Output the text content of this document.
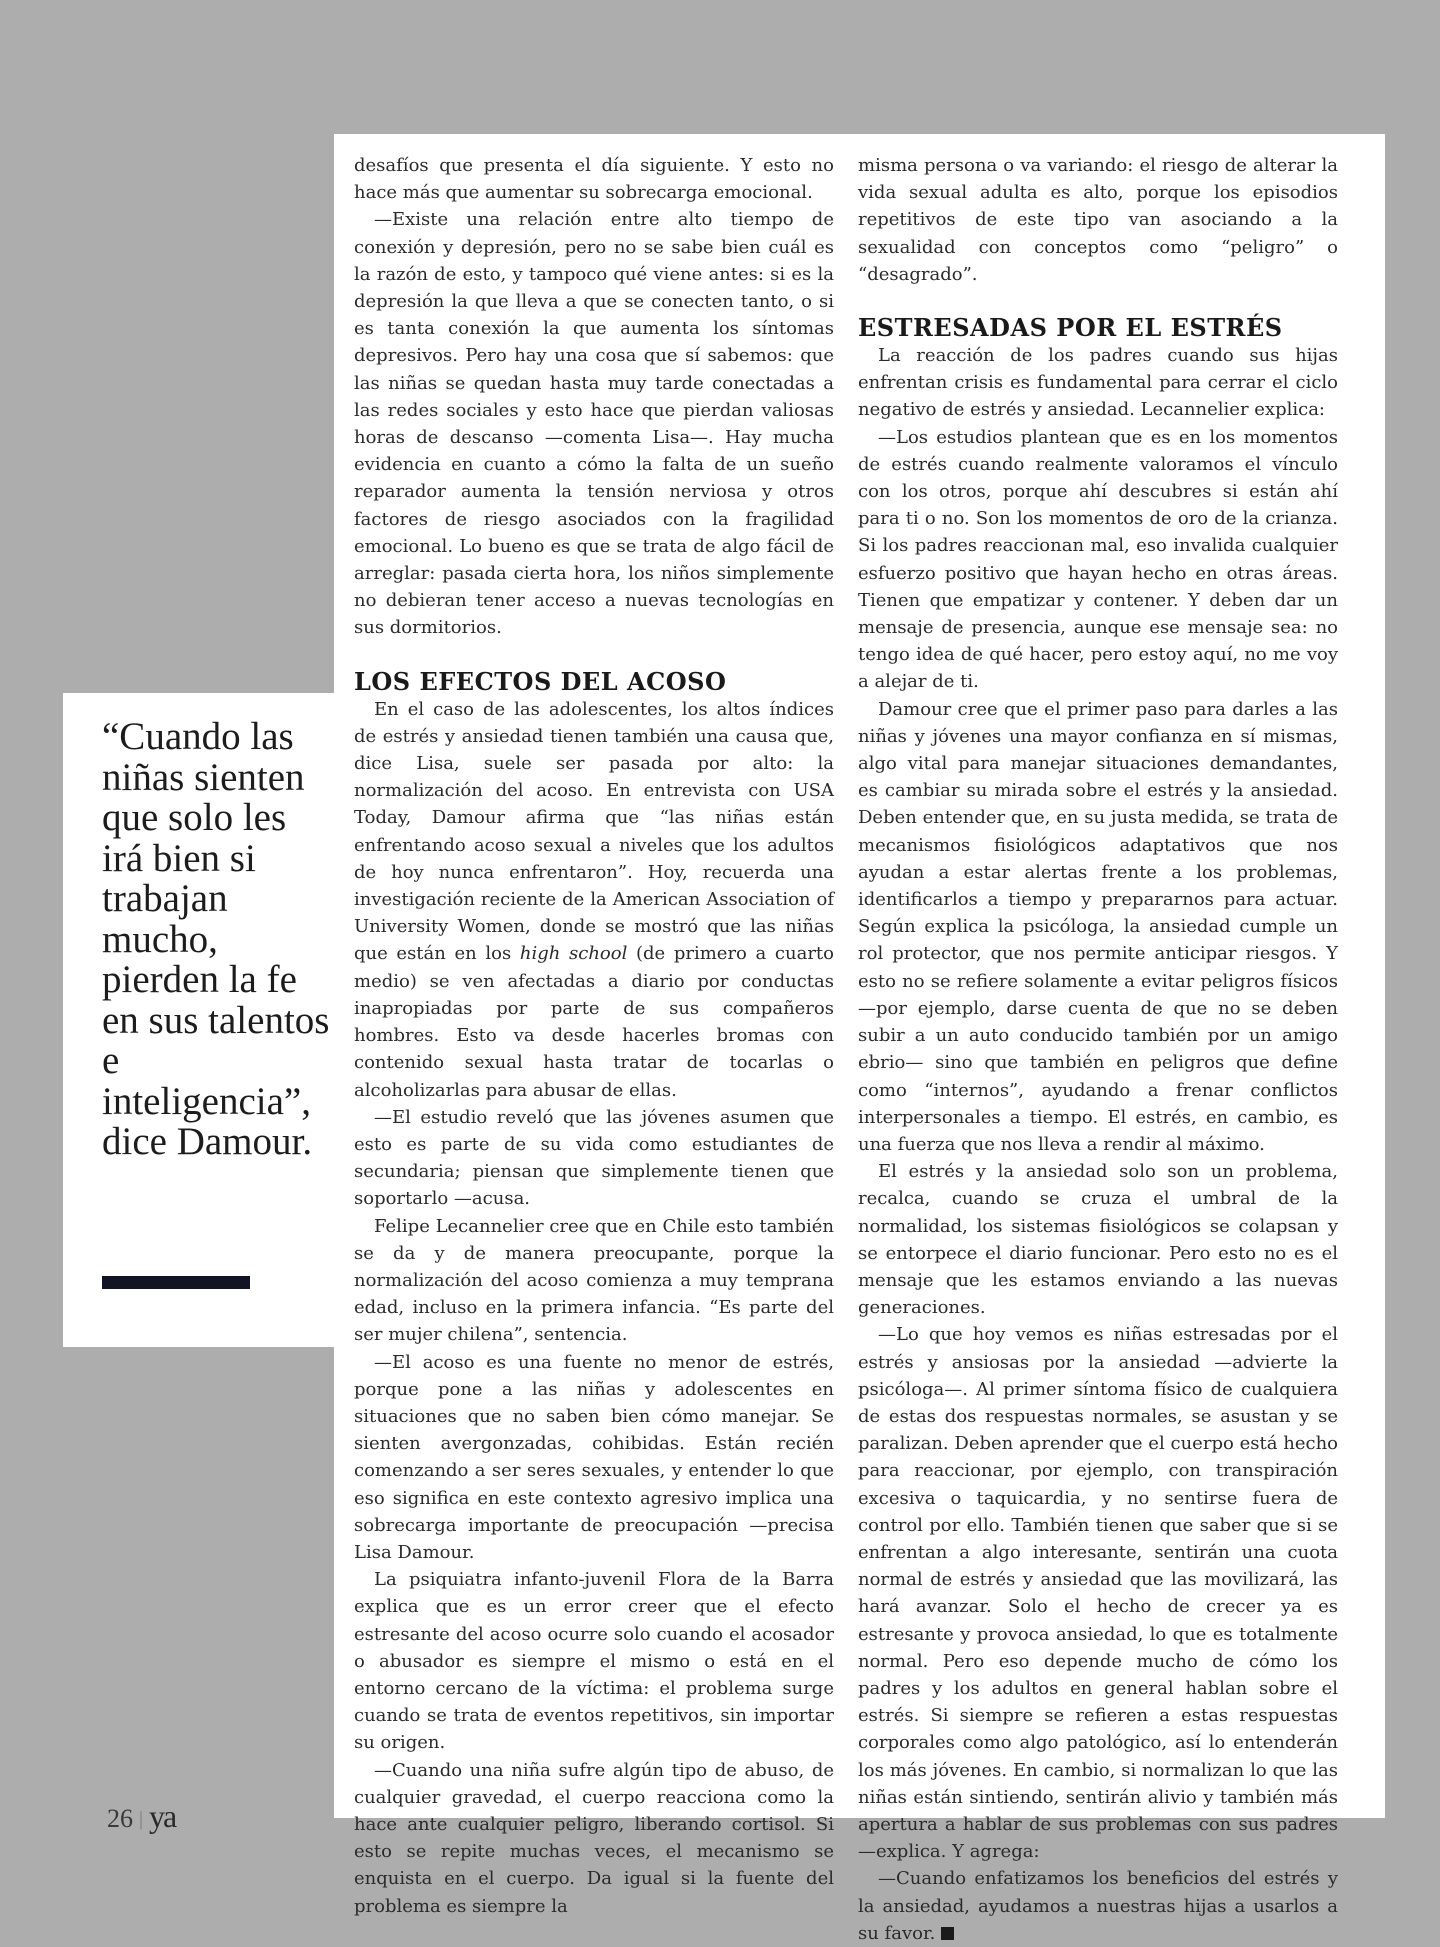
desafíos que presenta el día siguiente. Y esto no hace más que aumentar su sobrecarga emocional.

—Existe una relación entre alto tiempo de conexión y depresión, pero no se sabe bien cuál es la razón de esto, y tampoco qué viene antes: si es la depresión la que lleva a que se conecten tanto, o si es tanta conexión la que aumenta los síntomas depresivos. Pero hay una cosa que sí sabemos: que las niñas se quedan hasta muy tarde conectadas a las redes sociales y esto hace que pierdan valiosas horas de descanso —comenta Lisa—. Hay mucha evidencia en cuanto a cómo la falta de un sueño reparador aumenta la tensión nerviosa y otros factores de riesgo asociados con la fragilidad emocional. Lo bueno es que se trata de algo fácil de arreglar: pasada cierta hora, los niños simplemente no debieran tener acceso a nuevas tecnologías en sus dormitorios.

LOS EFECTOS DEL ACOSO

En el caso de las adolescentes, los altos índices de estrés y ansiedad tienen también una causa que, dice Lisa, suele ser pasada por alto: la normalización del acoso. En entrevista con USA Today, Damour afirma que “las niñas están enfrentando acoso sexual a niveles que los adultos de hoy nunca enfrentaron”. Hoy, recuerda una investigación reciente de la American Association of University Women, donde se mostró que las niñas que están en los high school (de primero a cuarto medio) se ven afectadas a diario por conductas inapropiadas por parte de sus compañeros hombres. Esto va desde hacerles bromas con contenido sexual hasta tratar de tocarlas o alcoholizarlas para abusar de ellas.

—El estudio reveló que las jóvenes asumen que esto es parte de su vida como estudiantes de secundaria; piensan que simplemente tienen que soportarlo —acusa.

Felipe Lecannelier cree que en Chile esto también se da y de manera preocupante, porque la normalización del acoso comienza a muy temprana edad, incluso en la primera infancia. “Es parte del ser mujer chilena”, sentencia.

—El acoso es una fuente no menor de estrés, porque pone a las niñas y adolescentes en situaciones que no saben bien cómo manejar. Se sienten avergonzadas, cohibidas. Están recién comenzando a ser seres sexuales, y entender lo que eso significa en este contexto agresivo implica una sobrecarga importante de preocupación —precisa Lisa Damour.

La psiquiatra infanto-juvenil Flora de la Barra explica que es un error creer que el efecto estresante del acoso ocurre solo cuando el acosador o abusador es siempre el mismo o está en el entorno cercano de la víctima: el problema surge cuando se trata de eventos repetitivos, sin importar su origen.

—Cuando una niña sufre algún tipo de abuso, de cualquier gravedad, el cuerpo reacciona como la hace ante cualquier peligro, liberando cortisol. Si esto se repite muchas veces, el mecanismo se enquista en el cuerpo. Da igual si la fuente del problema es siempre la

misma persona o va variando: el riesgo de alterar la vida sexual adulta es alto, porque los episodios repetitivos de este tipo van asociando a la sexualidad con conceptos como “peligro” o “desagrado”.

ESTRESADAS POR EL ESTRÉS

La reacción de los padres cuando sus hijas enfrentan crisis es fundamental para cerrar el ciclo negativo de estrés y ansiedad. Lecannelier explica:

—Los estudios plantean que es en los momentos de estrés cuando realmente valoramos el vínculo con los otros, porque ahí descubres si están ahí para ti o no. Son los momentos de oro de la crianza. Si los padres reaccionan mal, eso invalida cualquier esfuerzo positivo que hayan hecho en otras áreas. Tienen que empatizar y contener. Y deben dar un mensaje de presencia, aunque ese mensaje sea: no tengo idea de qué hacer, pero estoy aquí, no me voy a alejar de ti.

Damour cree que el primer paso para darles a las niñas y jóvenes una mayor confianza en sí mismas, algo vital para manejar situaciones demandantes, es cambiar su mirada sobre el estrés y la ansiedad. Deben entender que, en su justa medida, se trata de mecanismos fisiológicos adaptativos que nos ayudan a estar alertas frente a los problemas, identificarlos a tiempo y prepararnos para actuar. Según explica la psicóloga, la ansiedad cumple un rol protector, que nos permite anticipar riesgos. Y esto no se refiere solamente a evitar peligros físicos —por ejemplo, darse cuenta de que no se deben subir a un auto conducido también por un amigo ebrio— sino que también en peligros que define como “internos”, ayudando a frenar conflictos interpersonales a tiempo. El estrés, en cambio, es una fuerza que nos lleva a rendir al máximo.

El estrés y la ansiedad solo son un problema, recalca, cuando se cruza el umbral de la normalidad, los sistemas fisiológicos se colapsan y se entorpece el diario funcionar. Pero esto no es el mensaje que les estamos enviando a las nuevas generaciones.

—Lo que hoy vemos es niñas estresadas por el estrés y ansiosas por la ansiedad —advierte la psicóloga—. Al primer síntoma físico de cualquiera de estas dos respuestas normales, se asustan y se paralizan. Deben aprender que el cuerpo está hecho para reaccionar, por ejemplo, con transpiración excesiva o taquicardia, y no sentirse fuera de control por ello. También tienen que saber que si se enfrentan a algo interesante, sentirán una cuota normal de estrés y ansiedad que las movilizará, las hará avanzar. Solo el hecho de crecer ya es estresante y provoca ansiedad, lo que es totalmente normal. Pero eso depende mucho de cómo los padres y los adultos en general hablan sobre el estrés. Si siempre se refieren a estas respuestas corporales como algo patológico, así lo entenderán los más jóvenes. En cambio, si normalizan lo que las niñas están sintiendo, sentirán alivio y también más apertura a hablar de sus problemas con sus padres —explica. Y agrega:

—Cuando enfatizamos los beneficios del estrés y la ansiedad, ayudamos a nuestras hijas a usarlos a su favor.

“Cuando las niñas sienten que solo les irá bien si trabajan mucho, pierden la fe en sus talentos e inteligencia”, dice Damour.
26 | ya
